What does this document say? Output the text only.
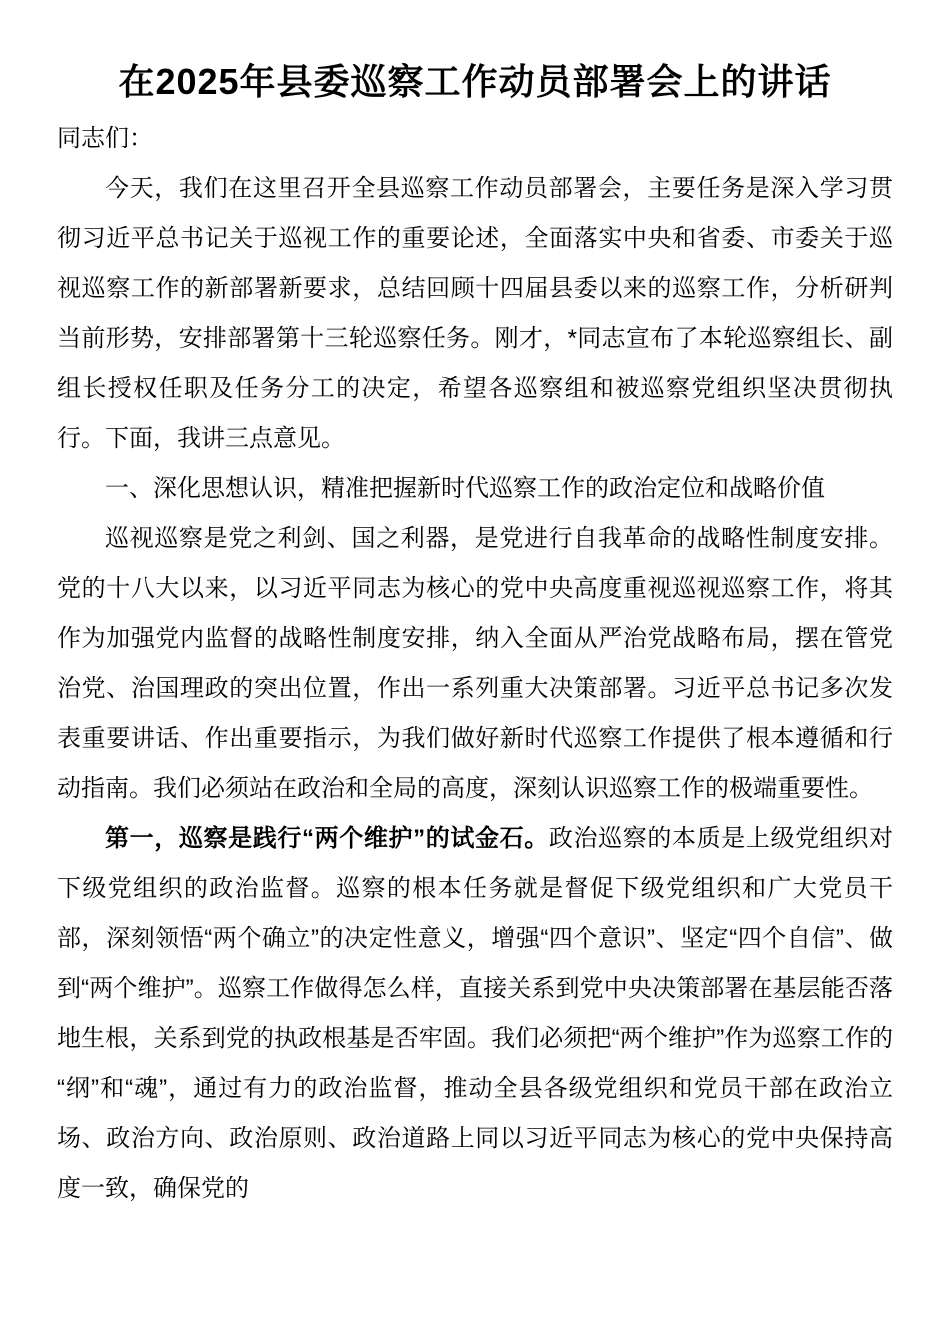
在2025年县委巡察工作动员部署会上的讲话

同志们：

今天，我们在这里召开全县巡察工作动员部署会，主要任务是深入学习贯彻习近平总书记关于巡视工作的重要论述，全面落实中央和省委、市委关于巡视巡察工作的新部署新要求，总结回顾十四届县委以来的巡察工作，分析研判当前形势，安排部署第十三轮巡察任务。刚才，*同志宣布了本轮巡察组长、副组长授权任职及任务分工的决定，希望各巡察组和被巡察党组织坚决贯彻执行。下面，我讲三点意见。

一、深化思想认识，精准把握新时代巡察工作的政治定位和战略价值

巡视巡察是党之利剑、国之利器，是党进行自我革命的战略性制度安排。党的十八大以来，以习近平同志为核心的党中央高度重视巡视巡察工作，将其作为加强党内监督的战略性制度安排，纳入全面从严治党战略布局，摆在管党治党、治国理政的突出位置，作出一系列重大决策部署。习近平总书记多次发表重要讲话、作出重要指示，为我们做好新时代巡察工作提供了根本遵循和行动指南。我们必须站在政治和全局的高度，深刻认识巡察工作的极端重要性。

第一，巡察是践行“两个维护”的试金石。政治巡察的本质是上级党组织对下级党组织的政治监督。巡察的根本任务就是督促下级党组织和广大党员干部，深刻领悟“两个确立”的决定性意义，增强“四个意识”、坚定“四个自信”、做到“两个维护”。巡察工作做得怎么样，直接关系到党中央决策部署在基层能否落地生根，关系到党的执政根基是否牢固。我们必须把“两个维护”作为巡察工作的“纲”和“魂”，通过有力的政治监督，推动全县各级党组织和党员干部在政治立场、政治方向、政治原则、政治道路上同以习近平同志为核心的党中央保持高度一致，确保党的
